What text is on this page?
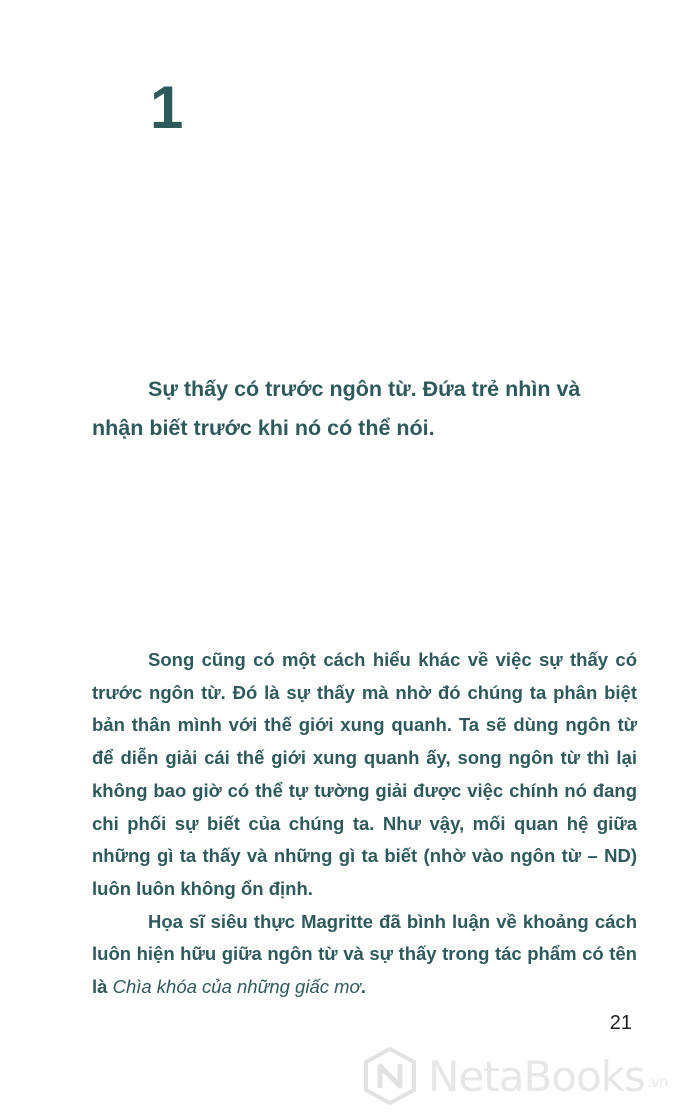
1
Sự thấy có trước ngôn từ. Đứa trẻ nhìn và nhận biết trước khi nó có thể nói.

Song cũng có một cách hiểu khác về việc sự thấy có trước ngôn từ. Đó là sự thấy mà nhờ đó chúng ta phân biệt bản thân mình với thế giới xung quanh. Ta sẽ dùng ngôn từ để diễn giải cái thế giới xung quanh ấy, song ngôn từ thì lại không bao giờ có thể tự tường giải được việc chính nó đang chi phối sự biết của chúng ta. Như vậy, mối quan hệ giữa những gì ta thấy và những gì ta biết (nhờ vào ngôn từ – ND) luôn luôn không ổn định.

Họa sĩ siêu thực Magritte đã bình luận về khoảng cách luôn hiện hữu giữa ngôn từ và sự thấy trong tác phẩm có tên là Chìa khóa của những giấc mơ.

21
NetaBooks .vn
